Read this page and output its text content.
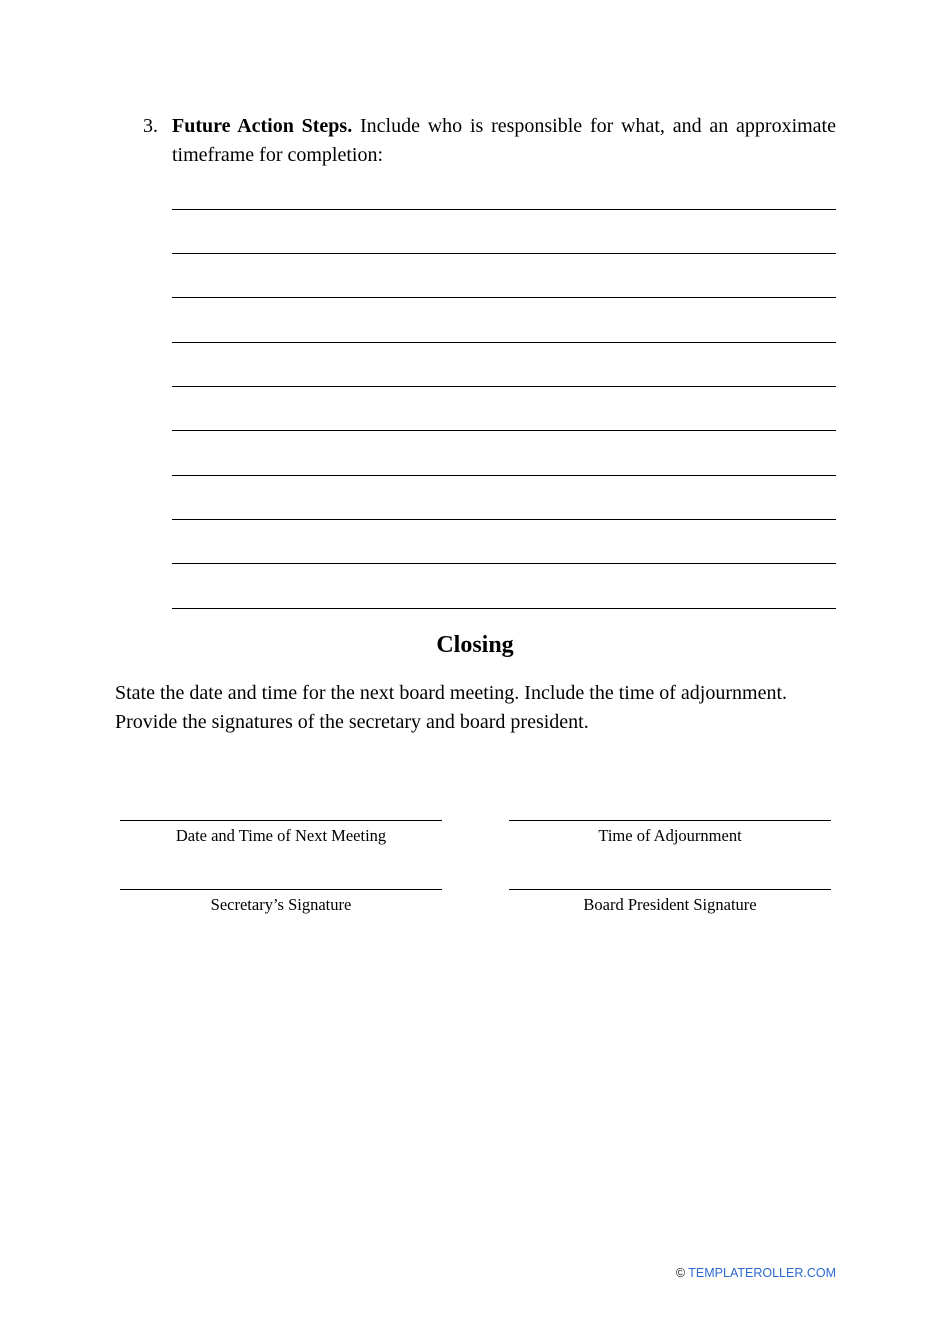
3. Future Action Steps. Include who is responsible for what, and an approximate timeframe for completion:
Closing
State the date and time for the next board meeting. Include the time of adjournment.
Provide the signatures of the secretary and board president.
Date and Time of Next Meeting	Time of Adjournment
Secretary’s Signature	Board President Signature
© TEMPLATEROLLER.COM
